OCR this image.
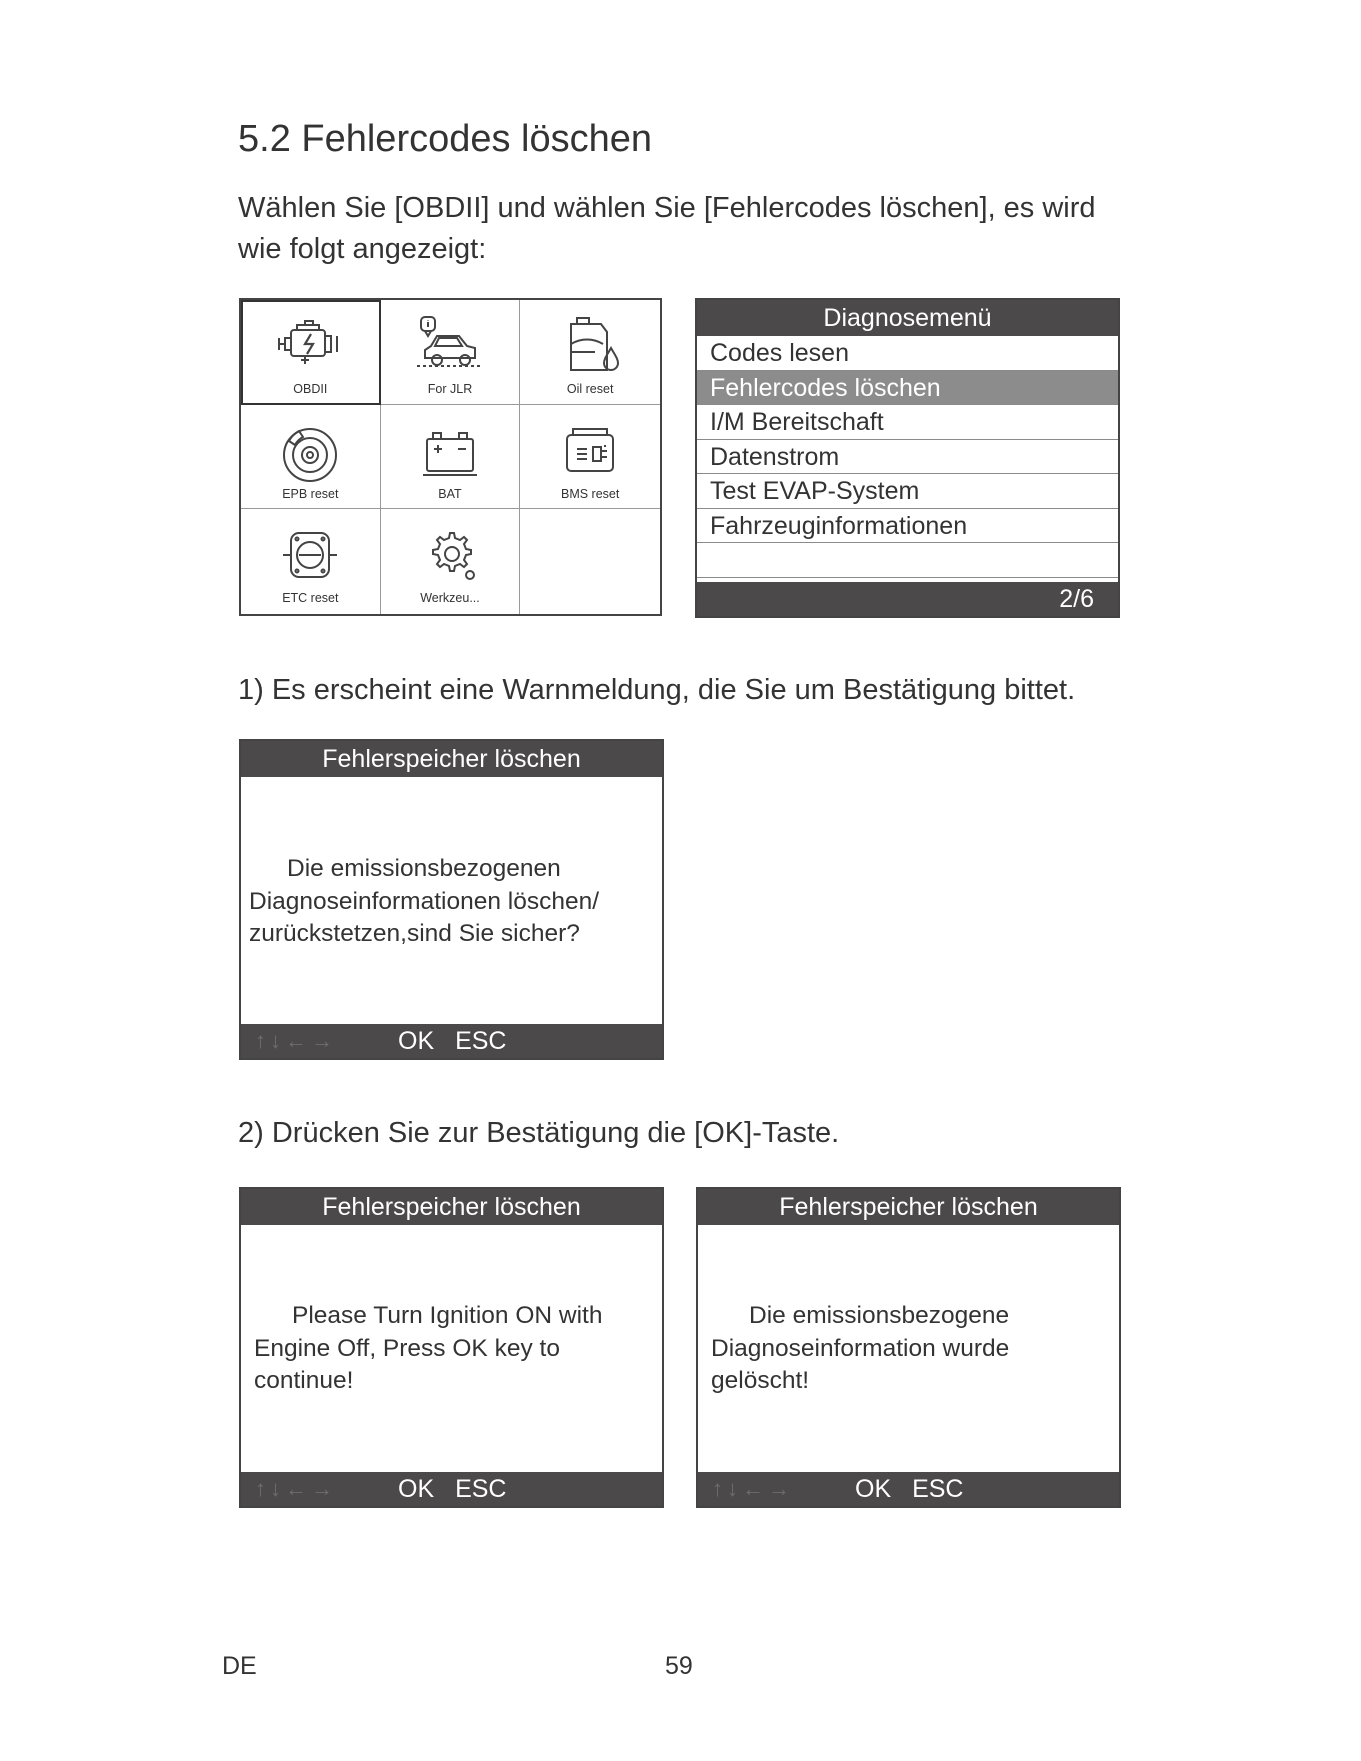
5.2 Fehlercodes löschen
Wählen Sie [OBDII] und wählen Sie [Fehlercodes löschen], es wird wie folgt angezeigt:
OBDII	For JLR	Oil reset
EPB reset	BAT	BMS reset
ETC reset	Werkzeu...
Diagnosemenü
Codes lesen
Fehlercodes löschen
I/M Bereitschaft
Datenstrom
Test EVAP-System
Fahrzeuginformationen
2/6
1) Es erscheint eine Warnmeldung, die Sie um Bestätigung bittet.
Fehlerspeicher löschen
Die emissionsbezogenen
Diagnoseinformationen löschen/
zurückstetzen,sind Sie sicher?
↑↓←→ OK ESC
2) Drücken Sie zur Bestätigung die [OK]-Taste.
Fehlerspeicher löschen
Please Turn Ignition ON with
Engine Off, Press OK key to
continue!
↑↓←→ OK ESC
Fehlerspeicher löschen
Die emissionsbezogene
Diagnoseinformation wurde
gelöscht!
↑↓←→ OK ESC
DE	59
